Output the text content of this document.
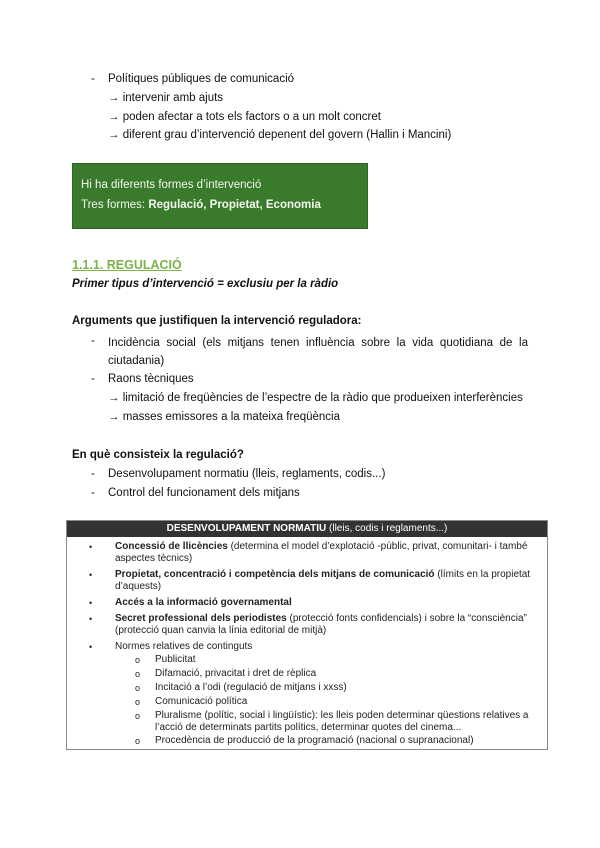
- Polítiques públiques de comunicació
→ intervenir amb ajuts
→ poden afectar a tots els factors o a un molt concret
→ diferent grau d’intervenció depenent del govern (Hallin i Mancini)
Hi ha diferents formes d’intervenció
Tres formes: Regulació, Propietat, Economia
1.1.1. REGULACIÓ
Primer tipus d’intervenció = exclusiu per la ràdio
Arguments que justifiquen la intervenció reguladora:
- Incidència social (els mitjans tenen influència sobre la vida quotidiana de la ciutadania)
- Raons tècniques
→ limitació de freqüències de l’espectre de la ràdio que produeixen interferències
→ masses emissores a la mateixa freqüència
En què consisteix la regulació?
- Desenvolupament normatiu (lleis, reglaments, codis...)
- Control del funcionament dels mitjans
DESENVOLUPAMENT NORMATIU (lleis, codis i reglaments...)
• Concessió de llicències (determina el model d’explotació -públic, privat, comunitari- i també aspectes tècnics)
• Propietat, concentració i competència dels mitjans de comunicació (límits en la propietat d’aquests)
• Accés a la informació governamental
• Secret professional dels periodistes (protecció fonts confidencials) i sobre la “consciència” (protecció quan canvia la línia editorial de mitjà)
• Normes relatives de continguts
o Publicitat
o Difamació, privacitat i dret de rèplica
o Incitació a l’odi (regulació de mitjans i xxss)
o Comunicació política
o Pluralisme (polític, social i lingüístic): les lleis poden determinar qüestions relatives a l’acció de determinats partits polítics, determinar quotes del cinema...
o Procedència de producció de la programació (nacional o supranacional)
